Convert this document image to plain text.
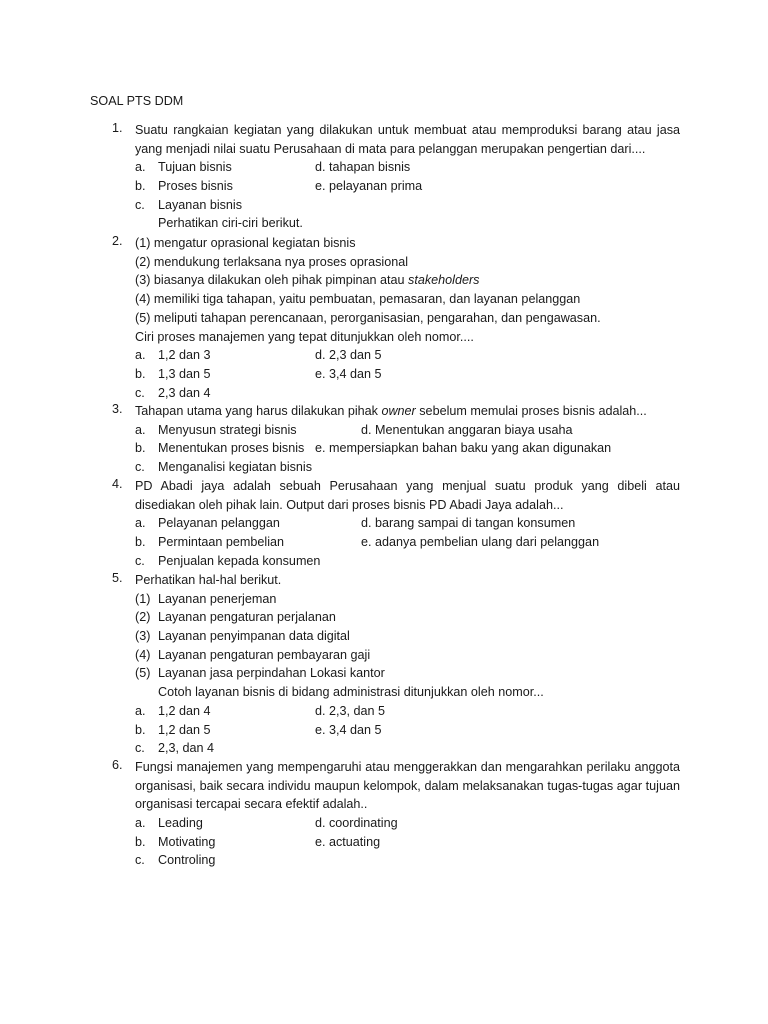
SOAL PTS DDM
1. Suatu rangkaian kegiatan yang dilakukan untuk membuat atau memproduksi barang atau jasa yang menjadi nilai suatu Perusahaan di mata para pelanggan merupakan pengertian dari....
a. Tujuan bisnis	d. tahapan bisnis
b. Proses bisnis	e. pelayanan prima
c. Layanan bisnis
Perhatikan ciri-ciri berikut.
2. (1) mengatur oprasional kegiatan bisnis
(2) mendukung terlaksana nya proses oprasional
(3) biasanya dilakukan oleh pihak pimpinan atau stakeholders
(4) memiliki tiga tahapan, yaitu pembuatan, pemasaran, dan layanan pelanggan
(5) meliputi tahapan perencanaan, perorganisasian, pengarahan, dan pengawasan.
Ciri proses manajemen yang tepat ditunjukkan oleh nomor....
a. 1,2 dan 3	d. 2,3 dan 5
b. 1,3 dan 5	e. 3,4 dan 5
c. 2,3 dan 4
3. Tahapan utama yang harus dilakukan pihak owner sebelum memulai proses bisnis adalah...
a. Menyusun strategi bisnis	d. Menentukan anggaran biaya usaha
b. Menentukan proses bisnis e. mempersiapkan bahan baku yang akan digunakan
c. Menganalisi kegiatan bisnis
4. PD Abadi jaya adalah sebuah Perusahaan yang menjual suatu produk yang dibeli atau disediakan oleh pihak lain. Output dari proses bisnis PD Abadi Jaya adalah...
a. Pelayanan pelanggan	d. barang sampai di tangan konsumen
b. Permintaan pembelian	e. adanya pembelian ulang dari pelanggan
c. Penjualan kepada konsumen
5. Perhatikan hal-hal berikut.
(1) Layanan penerjeman
(2) Layanan pengaturan perjalanan
(3) Layanan penyimpanan data digital
(4) Layanan pengaturan pembayaran gaji
(5) Layanan jasa perpindahan Lokasi kantor
Cotoh layanan bisnis di bidang administrasi ditunjukkan oleh nomor...
a. 1,2 dan 4	d. 2,3, dan 5
b. 1,2 dan 5	e. 3,4 dan 5
c. 2,3, dan 4
6. Fungsi manajemen yang mempengaruhi atau menggerakkan dan mengarahkan perilaku anggota organisasi, baik secara individu maupun kelompok, dalam melaksanakan tugas-tugas agar tujuan organisasi tercapai secara efektif adalah..
a. Leading	d. coordinating
b. Motivating	e. actuating
c. Controling
